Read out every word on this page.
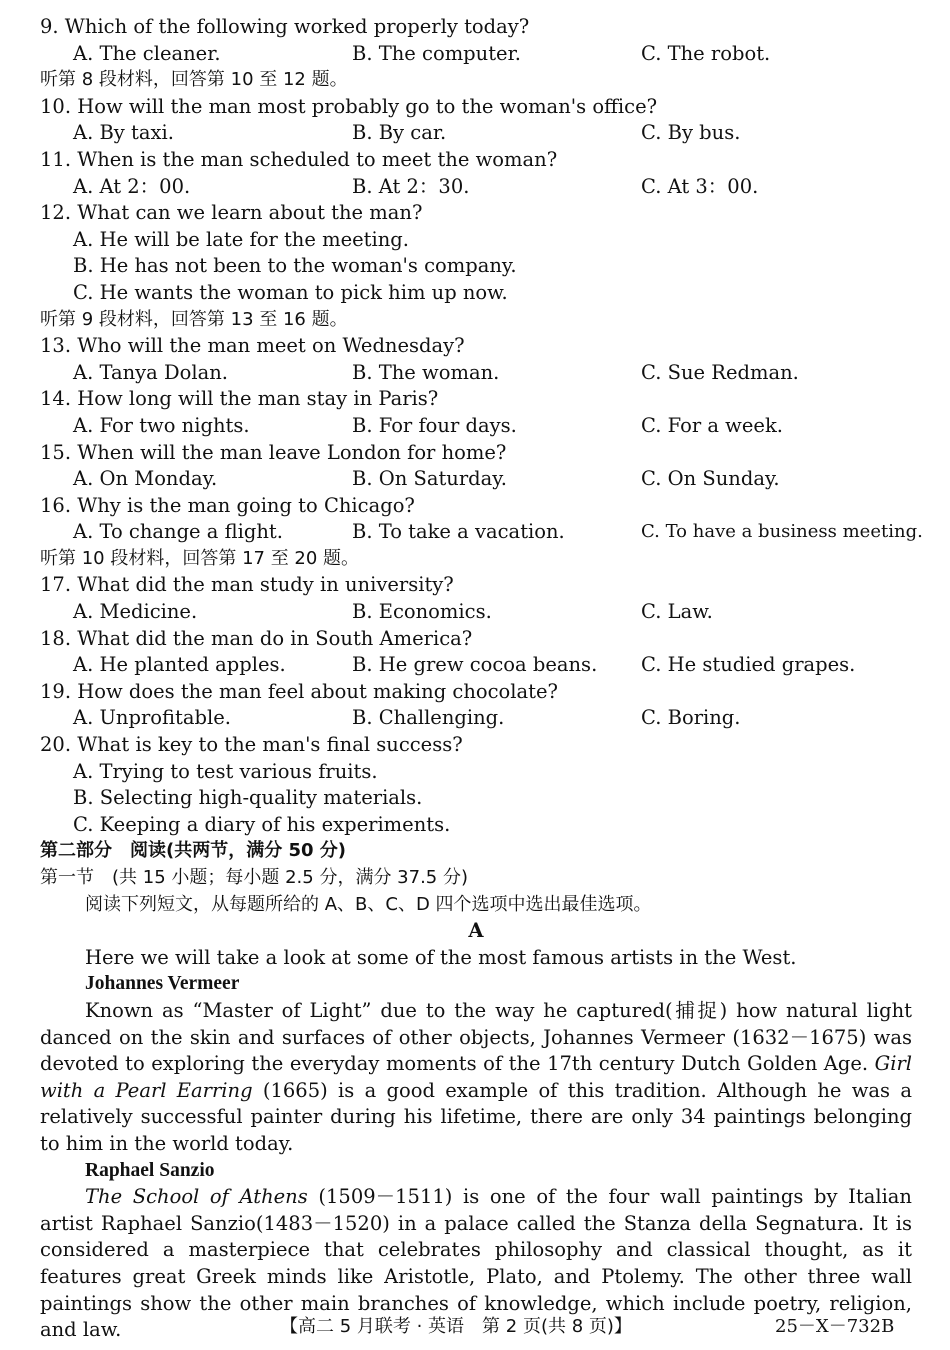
9. Which of the following worked properly today?
A. The cleaner.	B. The computer.	C. The robot.
听第 8 段材料，回答第 10 至 12 题。
10. How will the man most probably go to the woman's office?
A. By taxi.	B. By car.	C. By bus.
11. When is the man scheduled to meet the woman?
A. At 2：00.	B. At 2：30.	C. At 3：00.
12. What can we learn about the man?
A. He will be late for the meeting.
B. He has not been to the woman's company.
C. He wants the woman to pick him up now.
听第 9 段材料，回答第 13 至 16 题。
13. Who will the man meet on Wednesday?
A. Tanya Dolan.	B. The woman.	C. Sue Redman.
14. How long will the man stay in Paris?
A. For two nights.	B. For four days.	C. For a week.
15. When will the man leave London for home?
A. On Monday.	B. On Saturday.	C. On Sunday.
16. Why is the man going to Chicago?
A. To change a flight.	B. To take a vacation.	C. To have a business meeting.
听第 10 段材料，回答第 17 至 20 题。
17. What did the man study in university?
A. Medicine.	B. Economics.	C. Law.
18. What did the man do in South America?
A. He planted apples.	B. He grew cocoa beans. C. He studied grapes.
19. How does the man feel about making chocolate?
A. Unprofitable.	B. Challenging.	C. Boring.
20. What is key to the man's final success?
A. Trying to test various fruits.
B. Selecting high-quality materials.
C. Keeping a diary of his experiments.
第二部分　阅读(共两节，满分 50 分)
第一节　(共 15 小题；每小题 2.5 分，满分 37.5 分)
阅读下列短文，从每题所给的 A、B、C、D 四个选项中选出最佳选项。
A
Here we will take a look at some of the most famous artists in the West.
Johannes Vermeer

Known as “Master of Light” due to the way he captured(捕捉) how natural light danced on the skin and surfaces of other objects, Johannes Vermeer (1632－1675) was devoted to exploring the everyday moments of the 17th century Dutch Golden Age. Girl with a Pearl Earring (1665) is a good example of this tradition. Although he was a relatively successful painter during his lifetime, there are only 34 paintings belonging to him in the world today.

Raphael Sanzio

The School of Athens (1509－1511) is one of the four wall paintings by Italian artist Raphael Sanzio(1483－1520) in a palace called the Stanza della Segnatura. It is considered a masterpiece that celebrates philosophy and classical thought, as it features great Greek minds like Aristotle, Plato, and Ptolemy. The other three wall paintings show the other main branches of knowledge, which include poetry, religion, and law.	【高二 5 月联考 · 英语　第 2 页(共 8 页)】	25－X－732B
